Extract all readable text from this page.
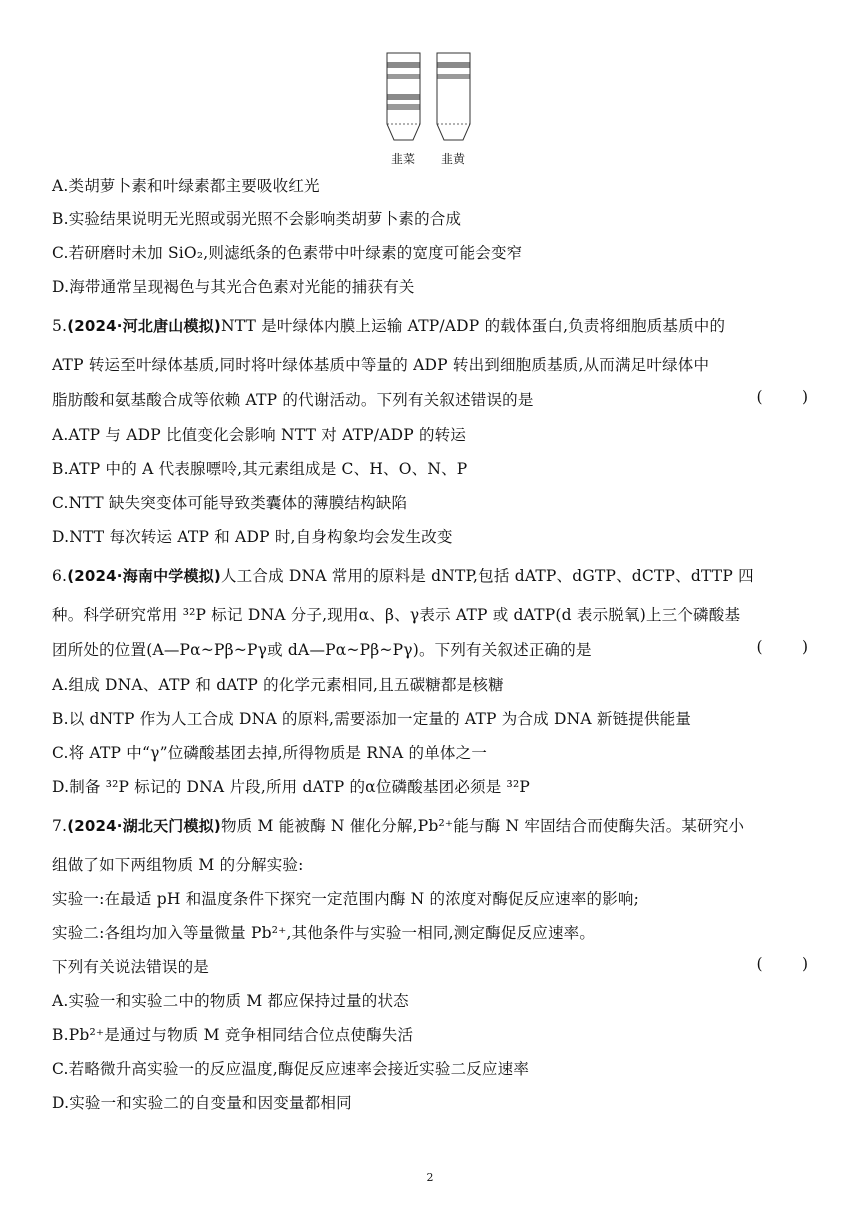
韭菜 韭黄
A.类胡萝卜素和叶绿素都主要吸收红光
B.实验结果说明无光照或弱光照不会影响类胡萝卜素的合成
C.若研磨时未加 SiO₂,则滤纸条的色素带中叶绿素的宽度可能会变窄
D.海带通常呈现褐色与其光合色素对光能的捕获有关
5.(2024·河北唐山模拟)NTT 是叶绿体内膜上运输 ATP/ADP 的载体蛋白,负责将细胞质基质中的
ATP 转运至叶绿体基质,同时将叶绿体基质中等量的 ADP 转出到细胞质基质,从而满足叶绿体中
脂肪酸和氨基酸合成等依赖 ATP 的代谢活动。下列有关叙述错误的是	(        )
A.ATP 与 ADP 比值变化会影响 NTT 对 ATP/ADP 的转运
B.ATP 中的 A 代表腺嘌呤,其元素组成是 C、H、O、N、P
C.NTT 缺失突变体可能导致类囊体的薄膜结构缺陷
D.NTT 每次转运 ATP 和 ADP 时,自身构象均会发生改变
6.(2024·海南中学模拟)人工合成 DNA 常用的原料是 dNTP,包括 dATP、dGTP、dCTP、dTTP 四
种。科学研究常用 ³²P 标记 DNA 分子,现用α、β、γ表示 ATP 或 dATP(d 表示脱氧)上三个磷酸基
团所处的位置(A—Pα~Pβ~Pγ或 dA—Pα~Pβ~Pγ)。下列有关叙述正确的是	(        )
A.组成 DNA、ATP 和 dATP 的化学元素相同,且五碳糖都是核糖
B.以 dNTP 作为人工合成 DNA 的原料,需要添加一定量的 ATP 为合成 DNA 新链提供能量
C.将 ATP 中“γ”位磷酸基团去掉,所得物质是 RNA 的单体之一
D.制备 ³²P 标记的 DNA 片段,所用 dATP 的α位磷酸基团必须是 ³²P
7.(2024·湖北天门模拟)物质 M 能被酶 N 催化分解,Pb²⁺能与酶 N 牢固结合而使酶失活。某研究小
组做了如下两组物质 M 的分解实验:
实验一:在最适 pH 和温度条件下探究一定范围内酶 N 的浓度对酶促反应速率的影响;
实验二:各组均加入等量微量 Pb²⁺,其他条件与实验一相同,测定酶促反应速率。
下列有关说法错误的是	(        )
A.实验一和实验二中的物质 M 都应保持过量的状态
B.Pb²⁺是通过与物质 M 竞争相同结合位点使酶失活
C.若略微升高实验一的反应温度,酶促反应速率会接近实验二反应速率
D.实验一和实验二的自变量和因变量都相同
2
